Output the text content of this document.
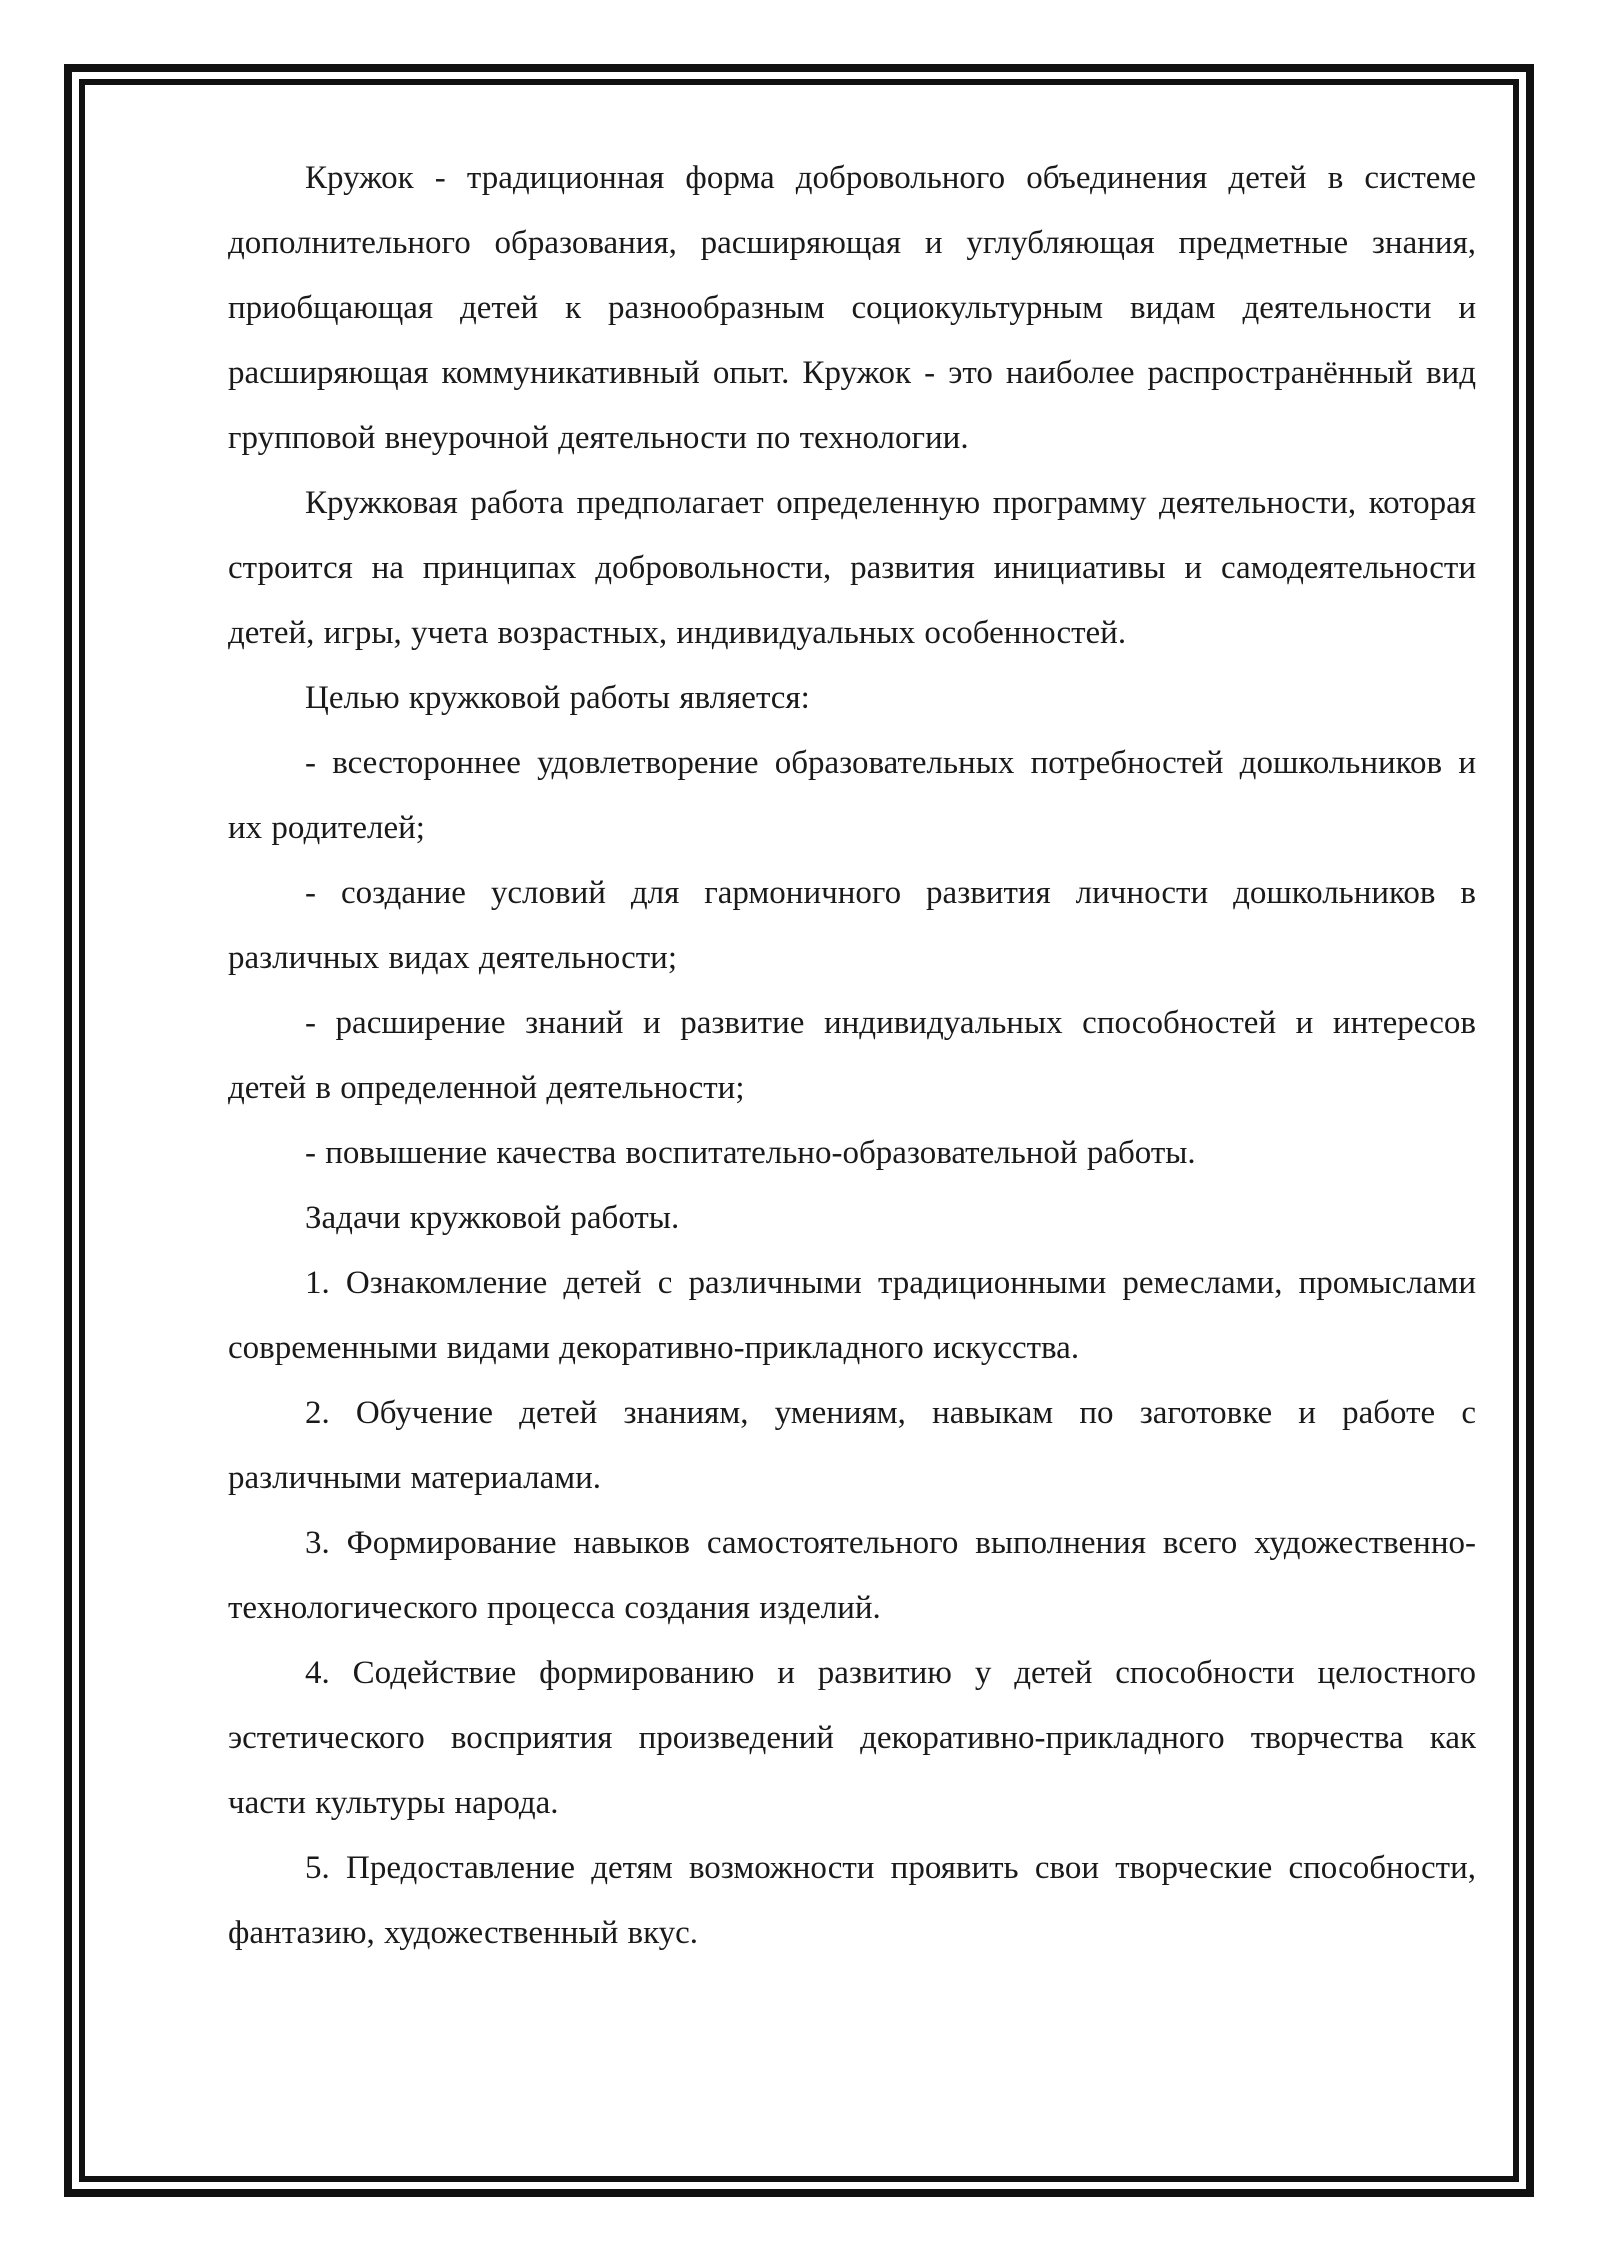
Кружок - традиционная форма добровольного объединения детей в системе дополнительного образования, расширяющая и углубляющая предметные знания, приобщающая детей к разнообразным социокультурным видам деятельности и расширяющая коммуникативный опыт. Кружок - это наиболее распространённый вид групповой внеурочной деятельности по технологии.

Кружковая работа предполагает определенную программу деятельности, которая строится на принципах добровольности, развития инициативы и самодеятельности детей, игры, учета возрастных, индивидуальных особенностей.

Целью кружковой работы является:

- всестороннее удовлетворение образовательных потребностей дошкольников и их родителей;

- создание условий для гармоничного развития личности дошкольников в различных видах деятельности;

- расширение знаний и развитие индивидуальных способностей и интересов детей в определенной деятельности;

- повышение качества воспитательно-образовательной работы.

Задачи кружковой работы.

1. Ознакомление детей с различными традиционными ремеслами, промыслами современными видами декоративно-прикладного искусства.

2. Обучение детей знаниям, умениям, навыкам по заготовке и работе с различными материалами.

3. Формирование навыков самостоятельного выполнения всего художественно-технологического процесса создания изделий.

4. Содействие формированию и развитию у детей способности целостного эстетического восприятия произведений декоративно-прикладного творчества как части культуры народа.

5. Предоставление детям возможности проявить свои творческие способности, фантазию, художественный вкус.
